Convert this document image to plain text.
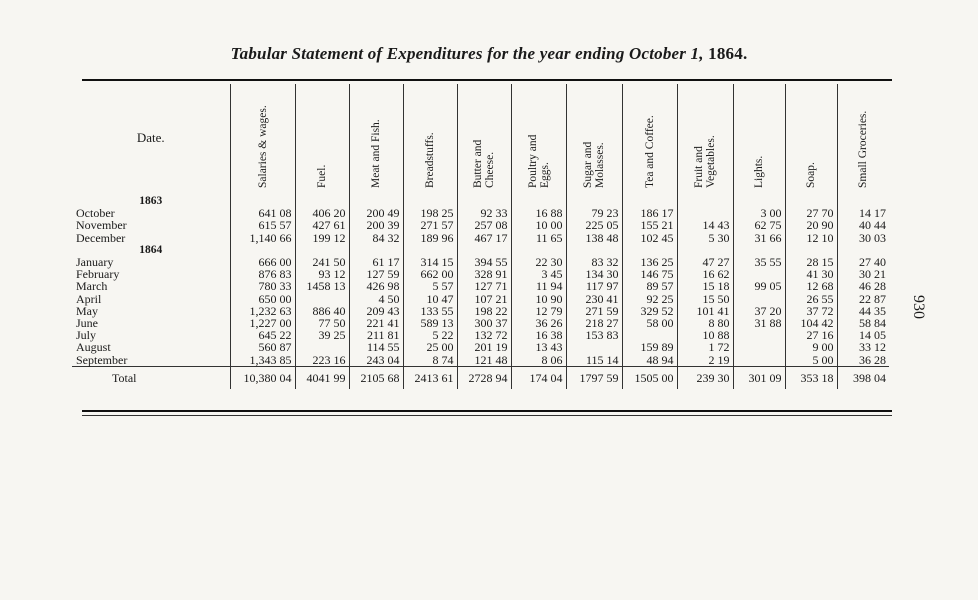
Tabular Statement of Expenditures for the year ending October 1, 1864.
Date.	Salaries & wages.	Fuel.	Meat and Fish.	Breadstuffs.	Butter and
Cheese.	Poultry and
Eggs.	Sugar and
Molasses.	Tea and Coffee.	Fruit and
Vegetables.	Lights.	Soap.	Small Groceries.
1863												
October	641 08	406 20	200 49	198 25	92 33	16 88	79 23	186 17		3 00	27 70	14 17
November	615 57	427 61	200 39	271 57	257 08	10 00	225 05	155 21	14 43	62 75	20 90	40 44
December	1,140 66	199 12	84 32	189 96	467 17	11 65	138 48	102 45	5 30	31 66	12 10	30 03
1864												
January	666 00	241 50	61 17	314 15	394 55	22 30	83 32	136 25	47 27	35 55	28 15	27 40
February	876 83	93 12	127 59	662 00	328 91	3 45	134 30	146 75	16 62		41 30	30 21
March	780 33	1458 13	426 98	5 57	127 71	11 94	117 97	89 57	15 18	99 05	12 68	46 28
April	650 00		4 50	10 47	107 21	10 90	230 41	92 25	15 50		26 55	22 87
May	1,232 63	886 40	209 43	133 55	198 22	12 79	271 59	329 52	101 41	37 20	37 72	44 35
June	1,227 00	77 50	221 41	589 13	300 37	36 26	218 27	58 00	8 80	31 88	104 42	58 84
July	645 22	39 25	211 81	5 22	132 72	16 38	153 83		10 88		27 16	14 05
August	560 87		114 55	25 00	201 19	13 43		159 89	1 72		9 00	33 12
September	1,343 85	223 16	243 04	8 74	121 48	8 06	115 14	48 94	2 19		5 00	36 28
Total	10,380 04	4041 99	2105 68	2413 61	2728 94	174 04	1797 59	1505 00	239 30	301 09	353 18	398 04
930
